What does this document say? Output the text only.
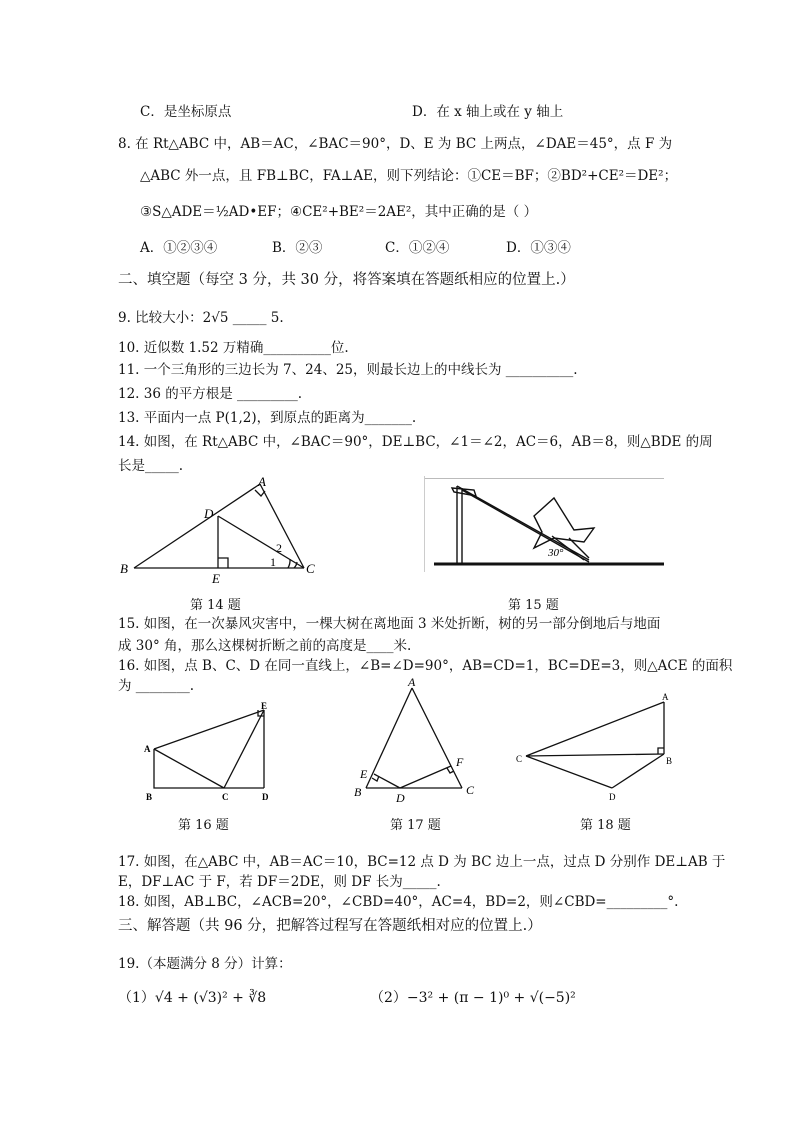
C．是坐标原点	D．在 x 轴上或在 y 轴上
8. 在 Rt△ABC 中，AB＝AC，∠BAC＝90°，D、E 为 BC 上两点，∠DAE＝45°，点 F 为
△ABC 外一点，且 FB⊥BC，FA⊥AE，则下列结论：①CE＝BF；②BD²+CE²＝DE²；
③S△ADE＝½AD•EF；④CE²+BE²＝2AE²，其中正确的是（ ）
A．①②③④	B．②③	C．①②④	D．①③④
二、填空题（每空 3 分，共 30 分，将答案填在答题纸相应的位置上.）
9. 比较大小：2√5 _____ 5.
10. 近似数 1.52 万精确__________位.
11. 一个三角形的三边长为 7、24、25，则最长边上的中线长为 __________.
12. 36 的平方根是 _________.
13. 平面内一点 P(1,2)，到原点的距离为_______.
14. 如图，在 Rt△ABC 中，∠BAC＝90°，DE⊥BC，∠1＝∠2，AC＝6，AB＝8，则△BDE 的周
长是_____.
A
B	C
D
E
1
2
第 14 题
30°
第 15 题
15. 如图，在一次暴风灾害中，一棵大树在离地面 3 米处折断，树的另一部分倒地后与地面
成 30° 角，那么这棵树折断之前的高度是____米.
16. 如图，点 B、C、D 在同一直线上，∠B=∠D=90°，AB=CD=1，BC=DE=3，则△ACE 的面积
为 ________.
A
B	C	D
E
第 16 题
A
B	C
D
E
F
第 17 题
A
B
C
D
第 18 题
17. 如图，在△ABC 中，AB＝AC＝10，BC=12 点 D 为 BC 边上一点，过点 D 分别作 DE⊥AB 于
E，DF⊥AC 于 F，若 DF＝2DE，则 DF 长为_____.
18. 如图，AB⊥BC，∠ACB=20°，∠CBD=40°，AC=4，BD=2，则∠CBD=_________°.
三、解答题（共 96 分，把解答过程写在答题纸相对应的位置上.）
19.（本题满分 8 分）计算：
（1）√4 + (√3)² + ∛8	（2）−3² + (π − 1)⁰ + √(−5)²
